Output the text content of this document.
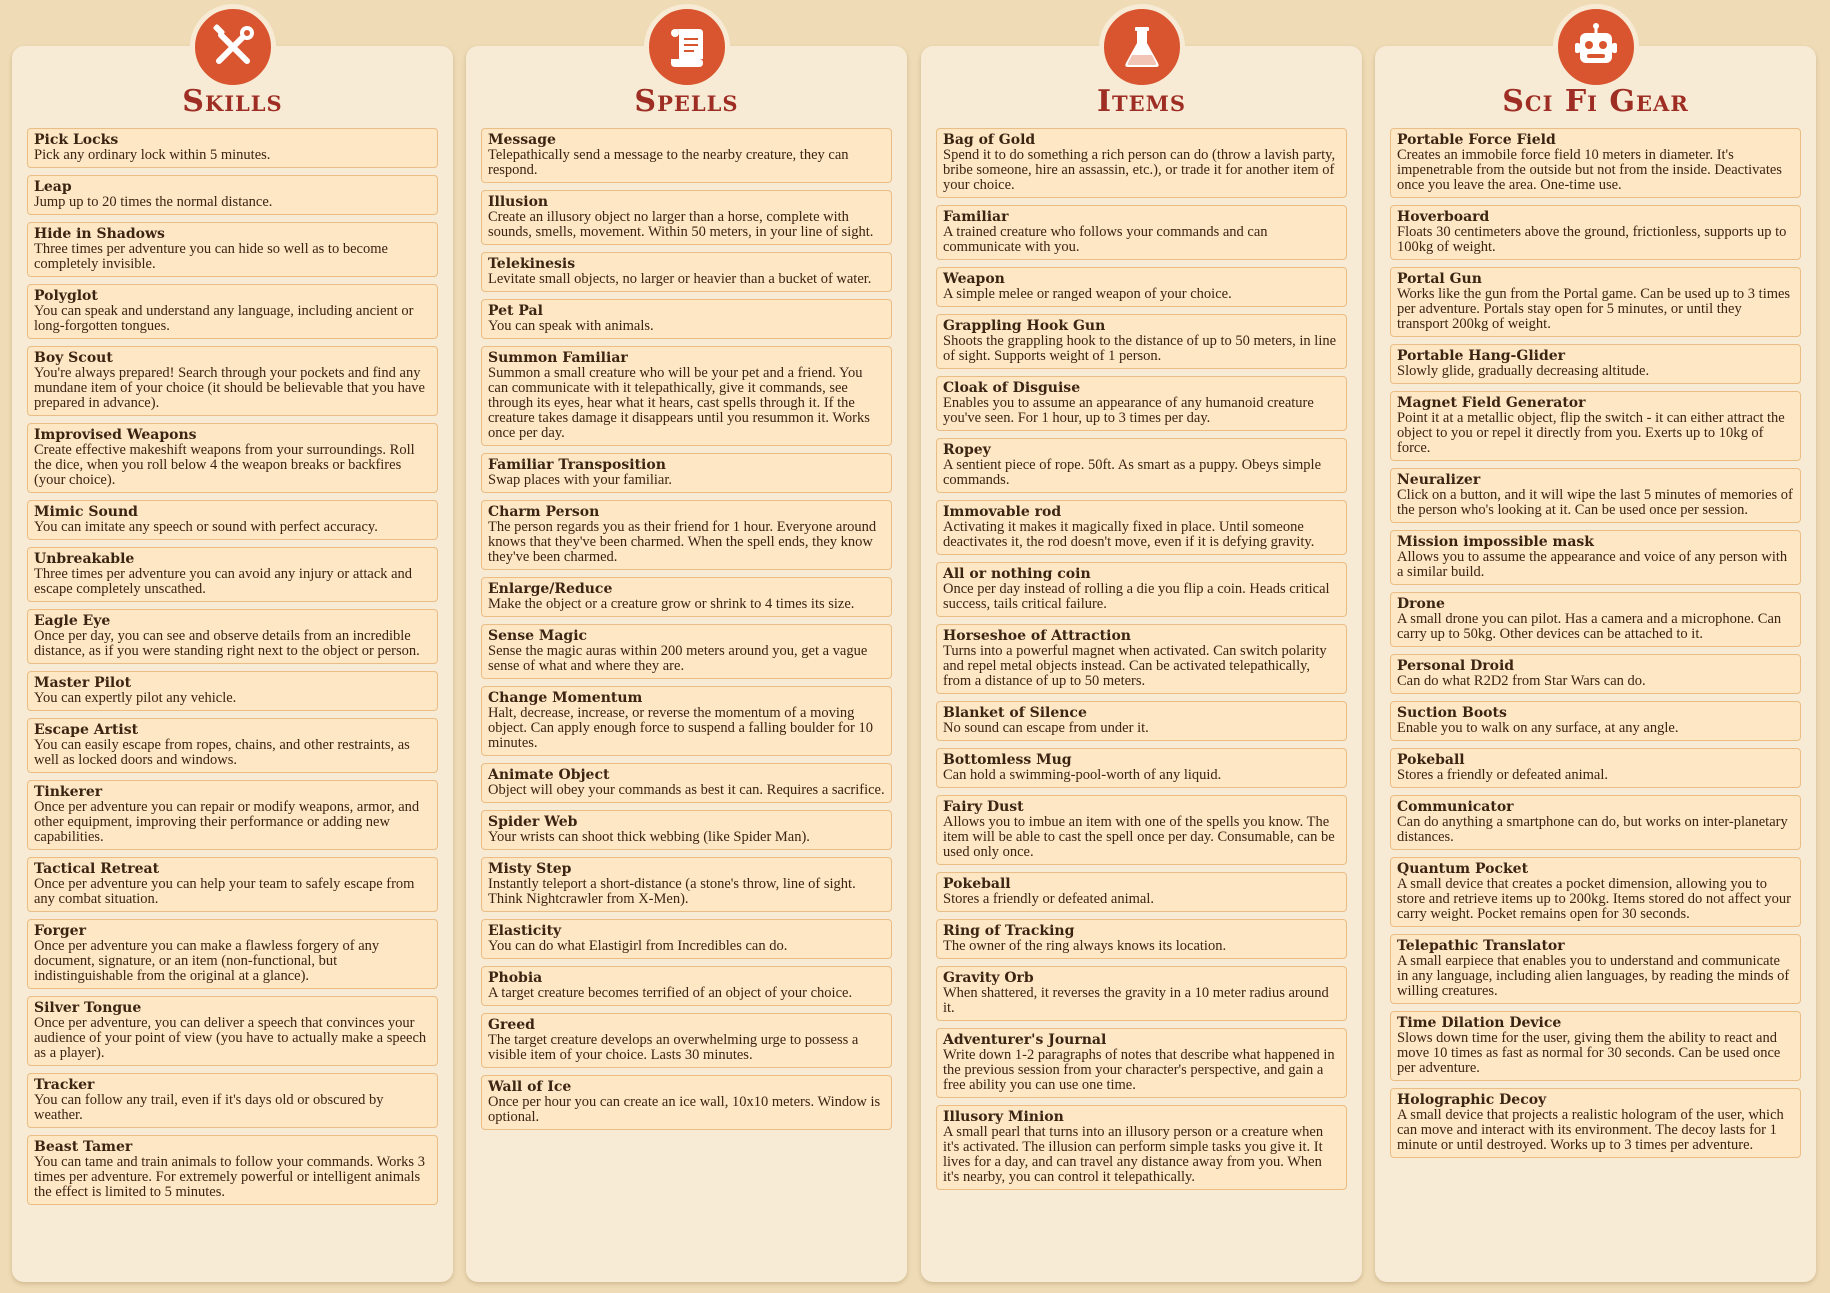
Skills
Pick Locks
Pick any ordinary lock within 5 minutes.
Leap
Jump up to 20 times the normal distance.
Hide in Shadows
Three times per adventure you can hide so well as to become completely invisible.
Polyglot
You can speak and understand any language, including ancient or long-forgotten tongues.
Boy Scout
You're always prepared! Search through your pockets and find any mundane item of your choice (it should be believable that you have prepared in advance).
Improvised Weapons
Create effective makeshift weapons from your surroundings. Roll the dice, when you roll below 4 the weapon breaks or backfires (your choice).
Mimic Sound
You can imitate any speech or sound with perfect accuracy.
Unbreakable
Three times per adventure you can avoid any injury or attack and escape completely unscathed.
Eagle Eye
Once per day, you can see and observe details from an incredible distance, as if you were standing right next to the object or person.
Master Pilot
You can expertly pilot any vehicle.
Escape Artist
You can easily escape from ropes, chains, and other restraints, as well as locked doors and windows.
Tinkerer
Once per adventure you can repair or modify weapons, armor, and other equipment, improving their performance or adding new capabilities.
Tactical Retreat
Once per adventure you can help your team to safely escape from any combat situation.
Forger
Once per adventure you can make a flawless forgery of any document, signature, or an item (non-functional, but indistinguishable from the original at a glance).
Silver Tongue
Once per adventure, you can deliver a speech that convinces your audience of your point of view (you have to actually make a speech as a player).
Tracker
You can follow any trail, even if it's days old or obscured by weather.
Beast Tamer
You can tame and train animals to follow your commands. Works 3 times per adventure. For extremely powerful or intelligent animals the effect is limited to 5 minutes.
Spells
Message
Telepathically send a message to the nearby creature, they can respond.
Illusion
Create an illusory object no larger than a horse, complete with sounds, smells, movement. Within 50 meters, in your line of sight.
Telekinesis
Levitate small objects, no larger or heavier than a bucket of water.
Pet Pal
You can speak with animals.
Summon Familiar
Summon a small creature who will be your pet and a friend. You can communicate with it telepathically, give it commands, see through its eyes, hear what it hears, cast spells through it. If the creature takes damage it disappears until you resummon it. Works once per day.
Familiar Transposition
Swap places with your familiar.
Charm Person
The person regards you as their friend for 1 hour. Everyone around knows that they've been charmed. When the spell ends, they know they've been charmed.
Enlarge/Reduce
Make the object or a creature grow or shrink to 4 times its size.
Sense Magic
Sense the magic auras within 200 meters around you, get a vague sense of what and where they are.
Change Momentum
Halt, decrease, increase, or reverse the momentum of a moving object. Can apply enough force to suspend a falling boulder for 10 minutes.
Animate Object
Object will obey your commands as best it can. Requires a sacrifice.
Spider Web
Your wrists can shoot thick webbing (like Spider Man).
Misty Step
Instantly teleport a short-distance (a stone's throw, line of sight. Think Nightcrawler from X-Men).
Elasticity
You can do what Elastigirl from Incredibles can do.
Phobia
A target creature becomes terrified of an object of your choice.
Greed
The target creature develops an overwhelming urge to possess a visible item of your choice. Lasts 30 minutes.
Wall of Ice
Once per hour you can create an ice wall, 10x10 meters. Window is optional.
Items
Bag of Gold
Spend it to do something a rich person can do (throw a lavish party, bribe someone, hire an assassin, etc.), or trade it for another item of your choice.
Familiar
A trained creature who follows your commands and can communicate with you.
Weapon
A simple melee or ranged weapon of your choice.
Grappling Hook Gun
Shoots the grappling hook to the distance of up to 50 meters, in line of sight. Supports weight of 1 person.
Cloak of Disguise
Enables you to assume an appearance of any humanoid creature you've seen. For 1 hour, up to 3 times per day.
Ropey
A sentient piece of rope. 50ft. As smart as a puppy. Obeys simple commands.
Immovable rod
Activating it makes it magically fixed in place. Until someone deactivates it, the rod doesn't move, even if it is defying gravity.
All or nothing coin
Once per day instead of rolling a die you flip a coin. Heads critical success, tails critical failure.
Horseshoe of Attraction
Turns into a powerful magnet when activated. Can switch polarity and repel metal objects instead. Can be activated telepathically, from a distance of up to 50 meters.
Blanket of Silence
No sound can escape from under it.
Bottomless Mug
Can hold a swimming-pool-worth of any liquid.
Fairy Dust
Allows you to imbue an item with one of the spells you know. The item will be able to cast the spell once per day. Consumable, can be used only once.
Pokeball
Stores a friendly or defeated animal.
Ring of Tracking
The owner of the ring always knows its location.
Gravity Orb
When shattered, it reverses the gravity in a 10 meter radius around it.
Adventurer's Journal
Write down 1-2 paragraphs of notes that describe what happened in the previous session from your character's perspective, and gain a free ability you can use one time.
Illusory Minion
A small pearl that turns into an illusory person or a creature when it's activated. The illusion can perform simple tasks you give it. It lives for a day, and can travel any distance away from you. When it's nearby, you can control it telepathically.
Sci Fi Gear
Portable Force Field
Creates an immobile force field 10 meters in diameter. It's impenetrable from the outside but not from the inside. Deactivates once you leave the area. One-time use.
Hoverboard
Floats 30 centimeters above the ground, frictionless, supports up to 100kg of weight.
Portal Gun
Works like the gun from the Portal game. Can be used up to 3 times per adventure. Portals stay open for 5 minutes, or until they transport 200kg of weight.
Portable Hang-Glider
Slowly glide, gradually decreasing altitude.
Magnet Field Generator
Point it at a metallic object, flip the switch - it can either attract the object to you or repel it directly from you. Exerts up to 10kg of force.
Neuralizer
Click on a button, and it will wipe the last 5 minutes of memories of the person who's looking at it. Can be used once per session.
Mission impossible mask
Allows you to assume the appearance and voice of any person with a similar build.
Drone
A small drone you can pilot. Has a camera and a microphone. Can carry up to 50kg. Other devices can be attached to it.
Personal Droid
Can do what R2D2 from Star Wars can do.
Suction Boots
Enable you to walk on any surface, at any angle.
Pokeball
Stores a friendly or defeated animal.
Communicator
Can do anything a smartphone can do, but works on inter-planetary distances.
Quantum Pocket
A small device that creates a pocket dimension, allowing you to store and retrieve items up to 200kg. Items stored do not affect your carry weight. Pocket remains open for 30 seconds.
Telepathic Translator
A small earpiece that enables you to understand and communicate in any language, including alien languages, by reading the minds of willing creatures.
Time Dilation Device
Slows down time for the user, giving them the ability to react and move 10 times as fast as normal for 30 seconds. Can be used once per adventure.
Holographic Decoy
A small device that projects a realistic hologram of the user, which can move and interact with its environment. The decoy lasts for 1 minute or until destroyed. Works up to 3 times per adventure.
